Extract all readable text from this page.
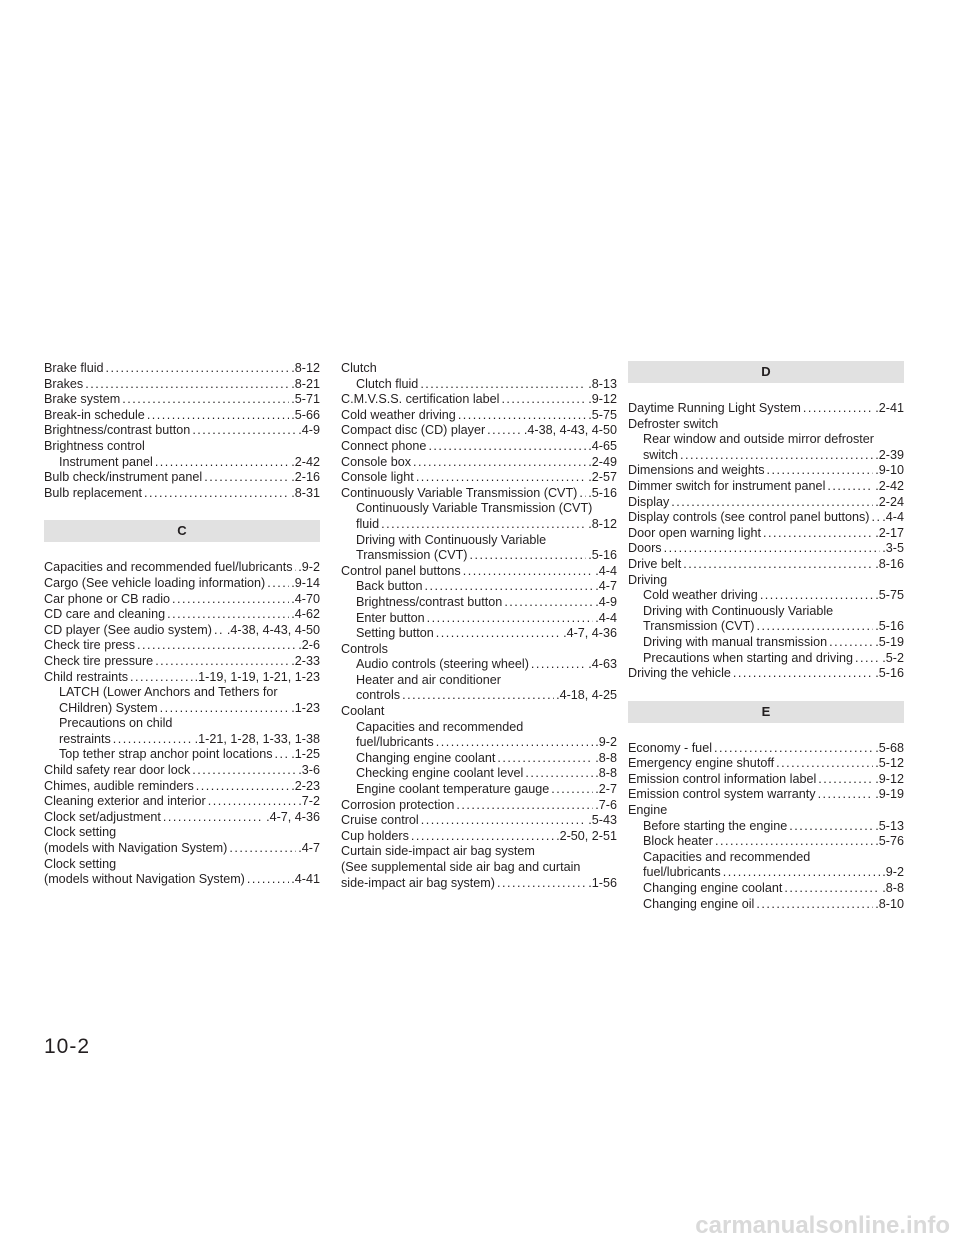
Brake fluid .....	.8-12
Brakes .....	.8-21
Brake system .....	.5-71
Break-in schedule .....	.5-66
Brightness/contrast button .....	.4-9
Brightness control
Instrument panel .....	.2-42
Bulb check/instrument panel .....	.2-16
Bulb replacement .....	.8-31
C
Capacities and recommended fuel/lubricants ..... .9-2
Cargo (See vehicle loading information) ..... .9-14
Car phone or CB radio .....	.4-70
CD care and cleaning .....	.4-62
CD player (See audio system) ..... .4-38, 4-43, 4-50
Check tire press .....	.2-6
Check tire pressure .....	.2-33
Child restraints .....	.1-19, 1-19, 1-21, 1-23
LATCH (Lower Anchors and Tethers for
CHildren) System .....	.1-23
Precautions on child
restraints .....	.1-21, 1-28, 1-33, 1-38
Top tether strap anchor point locations ..... .1-25
Child safety rear door lock .....	.3-6
Chimes, audible reminders .....	.2-23
Cleaning exterior and interior .....	.7-2
Clock set/adjustment .....	.4-7, 4-36
Clock setting
(models with Navigation System) .....	.4-7
Clock setting
(models without Navigation System) .....	.4-41
Clutch
Clutch fluid .....	.8-13
C.M.V.S.S. certification label .....	.9-12
Cold weather driving .....	.5-75
Compact disc (CD) player .....	.4-38, 4-43, 4-50
Connect phone .....	.4-65
Console box .....	.2-49
Console light .....	.2-57
Continuously Variable Transmission (CVT) ..... .5-16
Continuously Variable Transmission (CVT)
fluid .....	.8-12
Driving with Continuously Variable
Transmission (CVT) .....	.5-16
Control panel buttons .....	.4-4
Back button .....	.4-7
Brightness/contrast button .....	.4-9
Enter button .....	.4-4
Setting button .....	.4-7, 4-36
Controls
Audio controls (steering wheel) .....	.4-63
Heater and air conditioner
controls .....	.4-18, 4-25
Coolant
Capacities and recommended
fuel/lubricants .....	.9-2
Changing engine coolant .....	.8-8
Checking engine coolant level .....	.8-8
Engine coolant temperature gauge .....	.2-7
Corrosion protection .....	.7-6
Cruise control .....	.5-43
Cup holders .....	.2-50, 2-51
Curtain side-impact air bag system
(See supplemental side air bag and curtain
side-impact air bag system) .....	.1-56
D
Daytime Running Light System .....	.2-41
Defroster switch
Rear window and outside mirror defroster
switch .....	.2-39
Dimensions and weights .....	.9-10
Dimmer switch for instrument panel .....	.2-42
Display .....	.2-24
Display controls (see control panel buttons) ..... .4-4
Door open warning light .....	.2-17
Doors .....	.3-5
Drive belt .....	.8-16
Driving
Cold weather driving .....	.5-75
Driving with Continuously Variable
Transmission (CVT) .....	.5-16
Driving with manual transmission .....	.5-19
Precautions when starting and driving ..... .5-2
Driving the vehicle .....	.5-16
E
Economy - fuel .....	.5-68
Emergency engine shutoff .....	.5-12
Emission control information label .....	.9-12
Emission control system warranty .....	.9-19
Engine
Before starting the engine .....	.5-13
Block heater .....	.5-76
Capacities and recommended
fuel/lubricants .....	.9-2
Changing engine coolant .....	.8-8
Changing engine oil .....	.8-10
10-2
carmanualsonline.info
